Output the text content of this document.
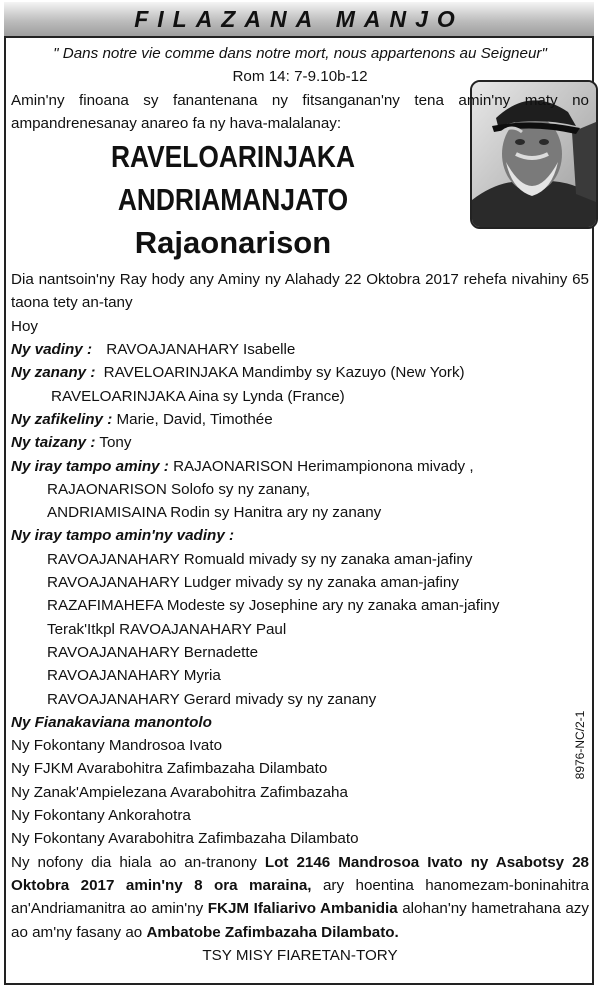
FILAZANA MANJO
" Dans notre vie comme dans notre mort, nous appartenons au Seigneur"
Rom 14: 7-9.10b-12
Amin'ny finoana sy fanantenana ny fitsanganan'ny tena amin'ny maty no ampandrenesanay anareo fa ny hava-malalanay:
RAVELOARINJAKA
ANDRIAMANJATO
Rajaonarison
Dia nantsoin'ny Ray hody any Aminy ny Alahady 22 Oktobra 2017 rehefa nivahiny 65 taona tety an-tany
Hoy
Ny vadiny : RAVOAJANAHARY Isabelle
Ny zanany : RAVELOARINJAKA Mandimby sy Kazuyo (New York)
RAVELOARINJAKA Aina sy Lynda (France)
Ny zafikeliny : Marie, David, Timothée
Ny taizany : Tony
Ny iray tampo aminy : RAJAONARISON Herimampionona mivady ,
RAJAONARISON Solofo sy ny zanany,
ANDRIAMISAINA Rodin sy Hanitra ary ny zanany
Ny iray tampo amin'ny vadiny :
RAVOAJANAHARY Romuald mivady sy ny zanaka aman-jafiny
RAVOAJANAHARY Ludger mivady sy ny zanaka aman-jafiny
RAZAFIMAHEFA Modeste sy Josephine ary ny zanaka aman-jafiny
Terak'Itkpl RAVOAJANAHARY Paul
RAVOAJANAHARY Bernadette
RAVOAJANAHARY Myria
RAVOAJANAHARY Gerard mivady sy ny zanany
Ny Fianakaviana manontolo
Ny Fokontany Mandrosoa Ivato
Ny FJKM Avarabohitra Zafimbazaha Dilambato
Ny Zanak'Ampielezana Avarabohitra Zafimbazaha
Ny Fokontany Ankorahotra
Ny Fokontany Avarabohitra Zafimbazaha Dilambato
Ny nofony dia hiala ao an-tranony Lot 2146 Mandrosoa Ivato ny Asabotsy 28 Oktobra 2017 amin'ny 8 ora maraina, ary hoentina hanomezam-boninahitra an'Andriamanitra ao amin'ny FKJM Ifaliarivo Ambanidia alohan'ny hametrahana azy ao am'ny fasany ao Ambatobe Zafimbazaha Dilambato.
TSY MISY FIARETAN-TORY
8976-NC/2-1
